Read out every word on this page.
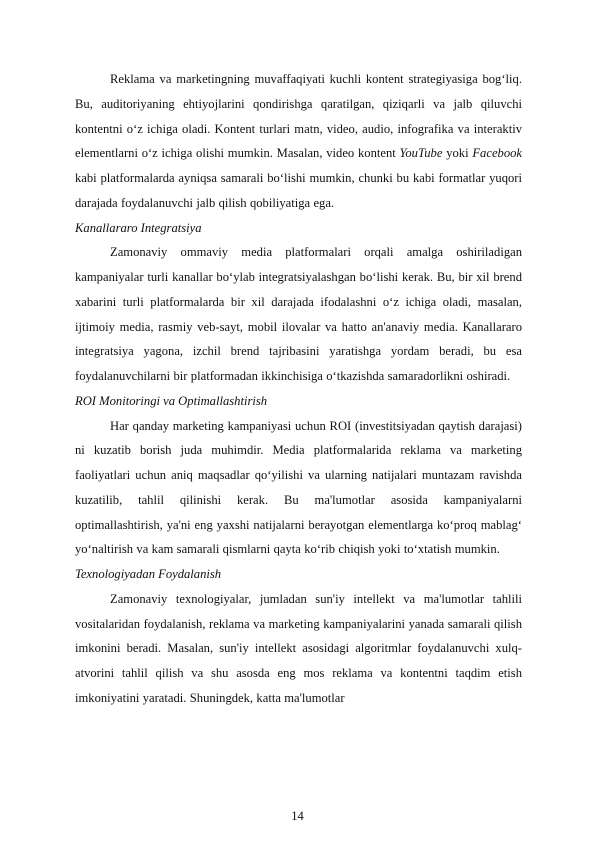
Reklama va marketingning muvaffaqiyati kuchli kontent strategiyasiga bog‘liq. Bu, auditoriyaning ehtiyojlarini qondirishga qaratilgan, qiziqarli va jalb qiluvchi kontentni o‘z ichiga oladi. Kontent turlari matn, video, audio, infografika va interaktiv elementlarni o‘z ichiga olishi mumkin. Masalan, video kontent YouTube yoki Facebook kabi platformalarda ayniqsa samarali bo‘lishi mumkin, chunki bu kabi formatlar yuqori darajada foydalanuvchi jalb qilish qobiliyatiga ega.

Kanallararo Integratsiya

Zamonaviy ommaviy media platformalari orqali amalga oshiriladigan kampaniyalar turli kanallar bo‘ylab integratsiyalashgan bo‘lishi kerak. Bu, bir xil brend xabarini turli platformalarda bir xil darajada ifodalashni o‘z ichiga oladi, masalan, ijtimoiy media, rasmiy veb-sayt, mobil ilovalar va hatto an'anaviy media. Kanallararo integratsiya yagona, izchil brend tajribasini yaratishga yordam beradi, bu esa foydalanuvchilarni bir platformadan ikkinchisiga o‘tkazishda samaradorlikni oshiradi.

ROI Monitoringi va Optimallashtirish

Har qanday marketing kampaniyasi uchun ROI (investitsiyadan qaytish darajasi) ni kuzatib borish juda muhimdir. Media platformalarida reklama va marketing faoliyatlari uchun aniq maqsadlar qo‘yilishi va ularning natijalari muntazam ravishda kuzatilib, tahlil qilinishi kerak. Bu ma'lumotlar asosida kampaniyalarni optimallashtirish, ya'ni eng yaxshi natijalarni berayotgan elementlarga ko‘proq mablag‘ yo‘naltirish va kam samarali qismlarni qayta ko‘rib chiqish yoki to‘xtatish mumkin.

Texnologiyadan Foydalanish

Zamonaviy texnologiyalar, jumladan sun'iy intellekt va ma'lumotlar tahlili vositalaridan foydalanish, reklama va marketing kampaniyalarini yanada samarali qilish imkonini beradi. Masalan, sun'iy intellekt asosidagi algoritmlar foydalanuvchi xulq-atvorini tahlil qilish va shu asosda eng mos reklama va kontentni taqdim etish imkoniyatini yaratadi. Shuningdek, katta ma'lumotlar

14
